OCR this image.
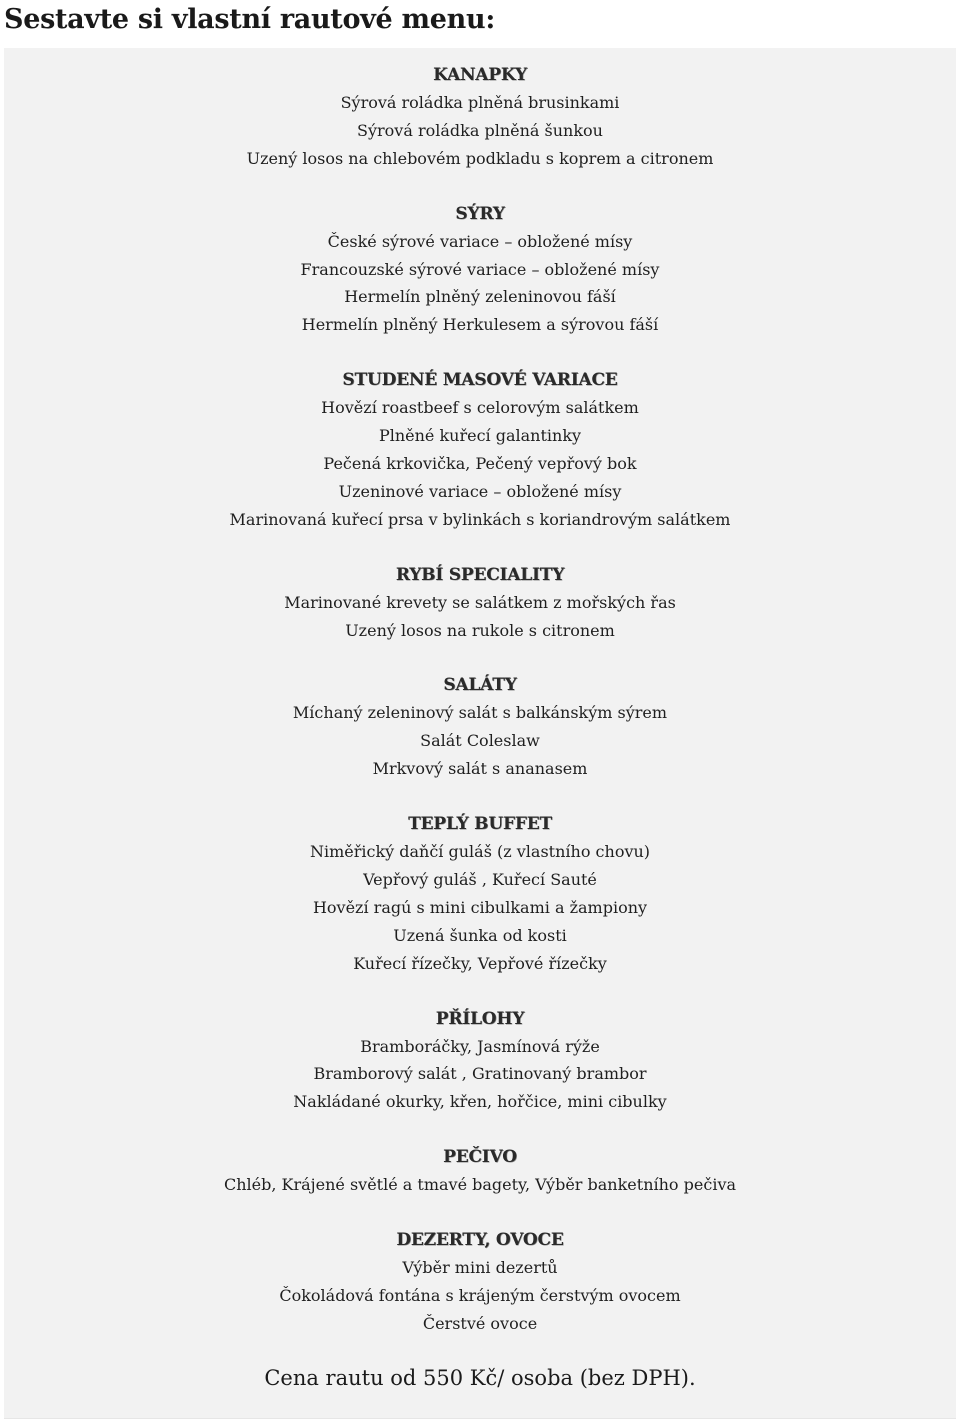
Sestavte si vlastní rautové menu:
KANAPKY
Sýrová roládka plněná brusinkami
Sýrová roládka plněná šunkou
Uzený losos na chlebovém podkladu s koprem a citronem
SÝRY
České sýrové variace – obložené mísy
Francouzské sýrové variace – obložené mísy
Hermelín plněný zeleninovou fáší
Hermelín plněný Herkulesem a sýrovou fáší
STUDENÉ MASOVÉ VARIACE
Hovězí roastbeef s celorovým salátkem
Plněné kuřecí galantinky
Pečená krkovička, Pečený vepřový bok
Uzeninové variace – obložené mísy
Marinovaná kuřecí prsa v bylinkách s koriandrovým salátkem
RYBÍ SPECIALITY
Marinované krevety se salátkem z mořských řas
Uzený losos na rukole s citronem
SALÁTY
Míchaný zeleninový salát s balkánským sýrem
Salát Coleslaw
Mrkvový salát s ananasem
TEPLÝ BUFFET
Niměřický daňčí guláš (z vlastního chovu)
Vepřový guláš , Kuřecí Sauté
Hovězí ragú s mini cibulkami a žampiony
Uzená šunka od kosti
Kuřecí řízečky, Vepřové řízečky
PŘÍLOHY
Bramboráčky, Jasmínová rýže
Bramborový salát , Gratinovaný brambor
Nakládané okurky, křen, hořčice, mini cibulky
PEČIVO
Chléb, Krájené světlé a tmavé bagety, Výběr banketního pečiva
DEZERTY, OVOCE
Výběr mini dezertů
Čokoládová fontána s krájeným čerstvým ovocem
Čerstvé ovoce
Cena rautu od 550 Kč/ osoba (bez DPH).
